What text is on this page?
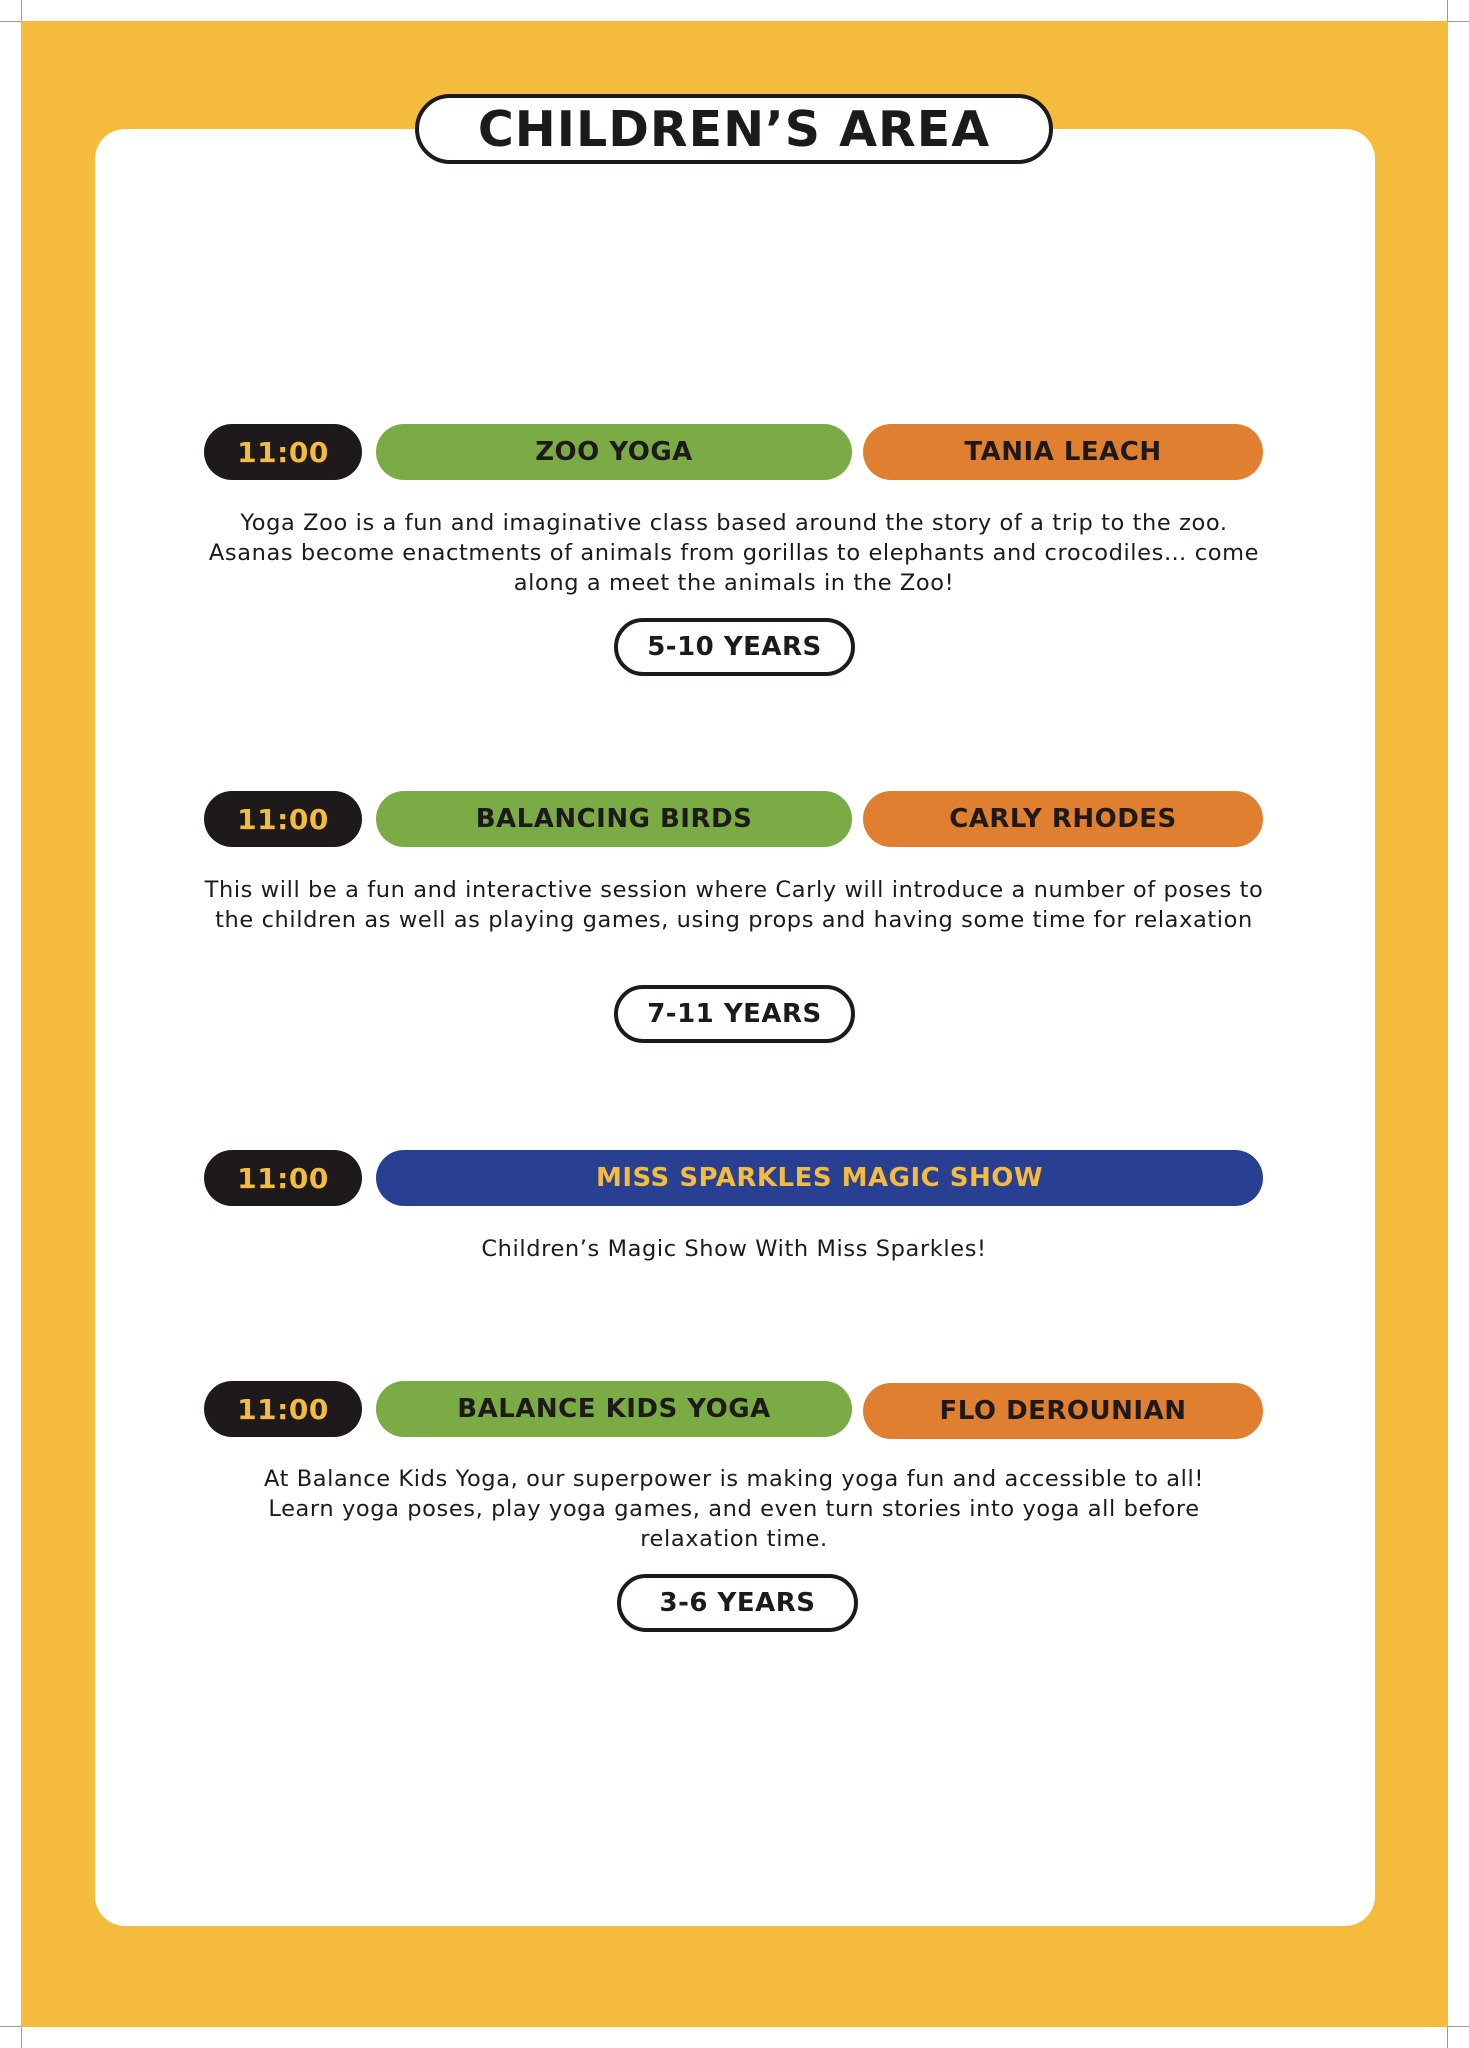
CHILDREN’S AREA
11:00	ZOO YOGA	TANIA LEACH
Yoga Zoo is a fun and imaginative class based around the story of a trip to the zoo. Asanas become enactments of animals from gorillas to elephants and crocodiles… come along a meet the animals in the Zoo!
5-10 YEARS
11:00	BALANCING BIRDS	CARLY RHODES
This will be a fun and interactive session where Carly will introduce a number of poses to the children as well as playing games, using props and having some time for relaxation
7-11 YEARS
11:00	MISS SPARKLES MAGIC SHOW
Children’s Magic Show With Miss Sparkles!
11:00	BALANCE KIDS YOGA	FLO DEROUNIAN
At Balance Kids Yoga, our superpower is making yoga fun and accessible to all! Learn yoga poses, play yoga games, and even turn stories into yoga all before relaxation time.
3-6 YEARS
